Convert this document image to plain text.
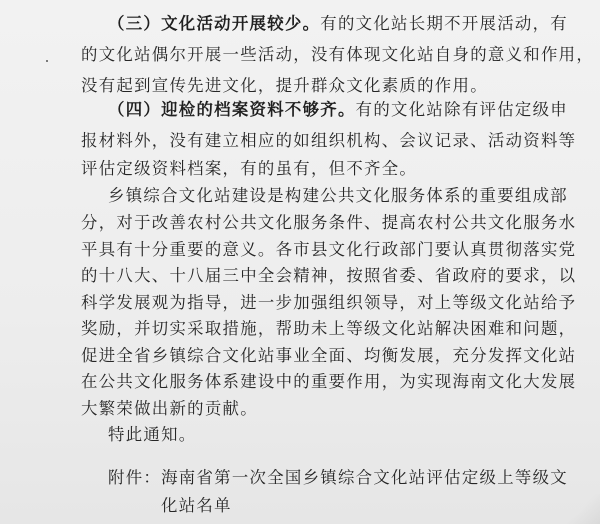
（三）文化活动开展较少。有的文化站长期不开展活动，有
的文化站偶尔开展一些活动，没有体现文化站自身的意义和作用，
没有起到宣传先进文化，提升群众文化素质的作用。
（四）迎检的档案资料不够齐。有的文化站除有评估定级申
报材料外，没有建立相应的如组织机构、会议记录、活动资料等
评估定级资料档案，有的虽有，但不齐全。
乡镇综合文化站建设是构建公共文化服务体系的重要组成部
分，对于改善农村公共文化服务条件、提高农村公共文化服务水
平具有十分重要的意义。各市县文化行政部门要认真贯彻落实党
的十八大、十八届三中全会精神，按照省委、省政府的要求，以
科学发展观为指导，进一步加强组织领导，对上等级文化站给予
奖励，并切实采取措施，帮助未上等级文化站解决困难和问题，
促进全省乡镇综合文化站事业全面、均衡发展，充分发挥文化站
在公共文化服务体系建设中的重要作用，为实现海南文化大发展
大繁荣做出新的贡献。
特此通知。
附件：海南省第一次全国乡镇综合文化站评估定级上等级文
化站名单
